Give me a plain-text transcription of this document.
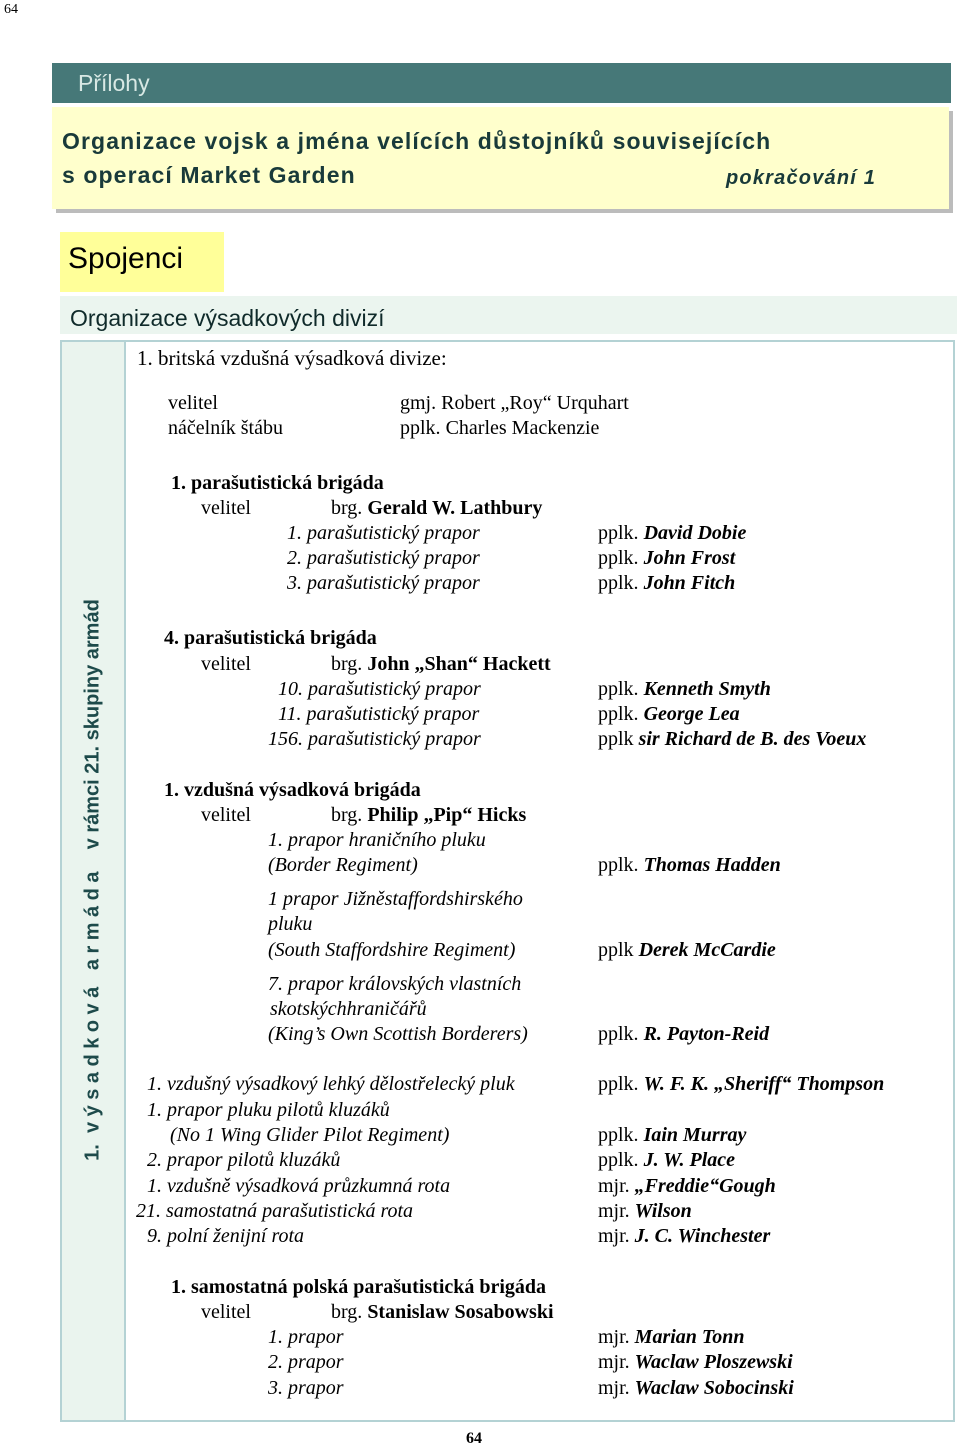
64
64
Přílohy
Organizace vojsk a jména velících důstojníků souvisejících
s operací Market Garden	pokračování 1
Spojenci
Organizace výsadkových divizí
1.  výsadková armáda   v rámci 21. skupiny armád
1. britská vzdušná výsadková divize:
velitel	gmj. Robert „Roy“ Urquhart
náčelník štábu	pplk. Charles Mackenzie
1. parašutistická brigáda
velitel	brg. Gerald W. Lathbury
1. parašutistický prapor	pplk. David Dobie
2. parašutistický prapor	pplk. John Frost
3. parašutistický prapor	pplk. John Fitch
4. parašutistická brigáda
velitel	brg. John „Shan“ Hackett
10. parašutistický prapor	pplk. Kenneth Smyth
11. parašutistický prapor	pplk. George Lea
156. parašutistický prapor	pplk sir Richard de B. des Voeux
1. vzdušná výsadková brigáda
velitel	brg. Philip „Pip“ Hicks
1. prapor hraničního pluku
(Border Regiment)	pplk. Thomas Hadden
1 prapor Jižněstaffordshirského
pluku
(South Staffordshire Regiment)	pplk Derek McCardie
7. prapor královských vlastních
skotskýchhraničářů
(King’s Own Scottish Borderers)	pplk. R. Payton-Reid
1. vzdušný výsadkový lehký dělostřelecký pluk	pplk. W. F. K. „Sheriff“ Thompson
1. prapor pluku pilotů kluzáků
(No 1 Wing Glider Pilot Regiment)	pplk. Iain Murray
2. prapor pilotů kluzáků	pplk. J. W. Place
1. vzdušně výsadková průzkumná rota	mjr. „Freddie“Gough
21. samostatná parašutistická rota	mjr. Wilson
9. polní ženijní rota	mjr. J. C. Winchester
1. samostatná polská parašutistická brigáda
velitel	brg. Stanislaw Sosabowski
1. prapor	mjr. Marian Tonn
2. prapor	mjr. Waclaw Ploszewski
3. prapor	mjr. Waclaw Sobocinski
